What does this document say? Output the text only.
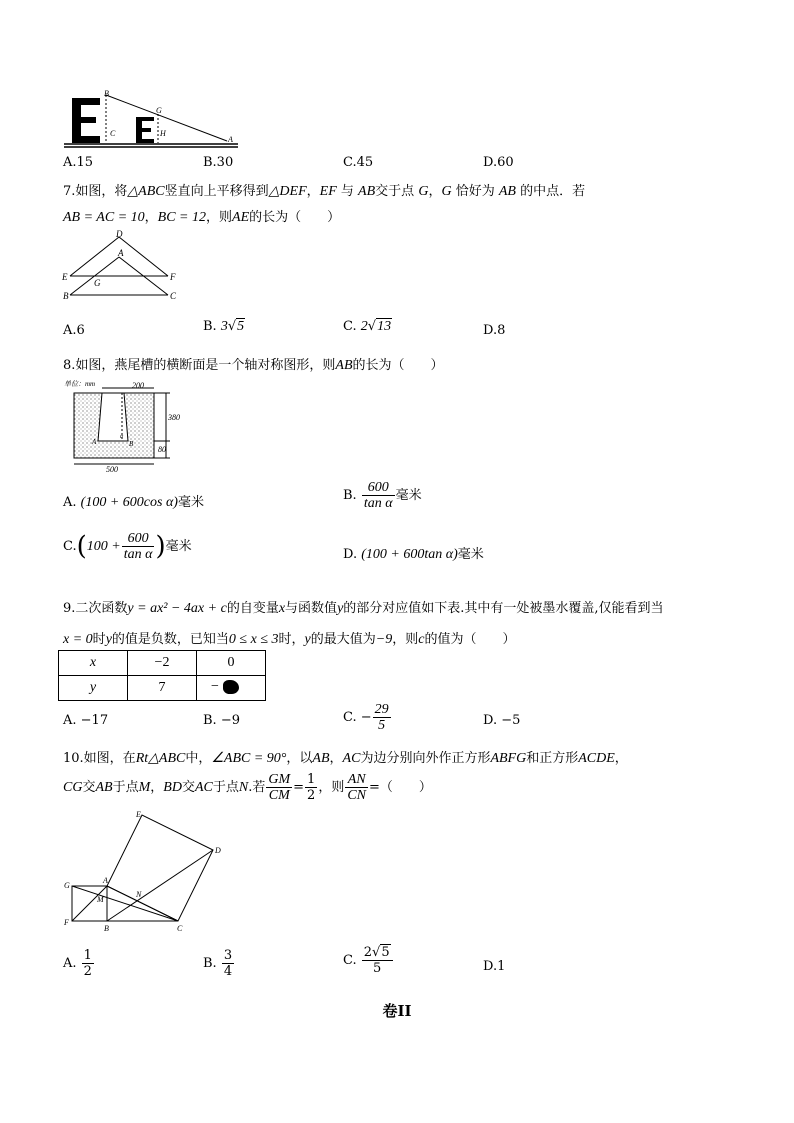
B
C
G
H
A
A.15	B.30	C.45	D.60
7.如图，将△ABC竖直向上平移得到△DEF，EF 与 AB交于点 G，G 恰好为 AB 的中点．若
AB = AC = 10，BC = 12，则AE的长为（　　）
D
A
E	F
G
B	C
A.6	B. 3√5	C. 2√13	D.8
8.如图，燕尾槽的横断面是一个轴对称图形，则AB的长为（　　）
单位：mm	200
380
80
500
A	B
α
A. (100 + 600cos α)毫米	B. $\frac{600}{\text{tan α}}$ 毫米
$C.(100 + \frac{600}{\text{tan α}}$ )毫米
D. (100 + 600tan α)毫米
9.二次函数y = ax² − 4ax + c的自变量x与函数值y的部分对应值如下表.其中有一处被墨水覆盖,仅能看到当
x = 0时y的值是负数，已知当0 ≤ x ≤ 3时，y的最大值为−9，则c的值为（　　）
x	−2	0
y	7	−
A. −17	B. −9	C. − $\frac{29}{5}$	D. −5
10.如图，在Rt△ABC中，∠ABC = 90°，以AB，AC为边分别向外作正方形ABFG和正方形ACDE，
CG交AB于点M，BD交AC于点N.若 $\frac{GM}{CM} = \frac{1}{2}$ ，则 $\frac{AN}{CN}$ =（　　）
E
D
G
A
M
N
F
B	C
A. $\frac{1}{2}$	B. $\frac{3}{4}$	C. $\frac{2√5}{5}$	D.1
卷II
